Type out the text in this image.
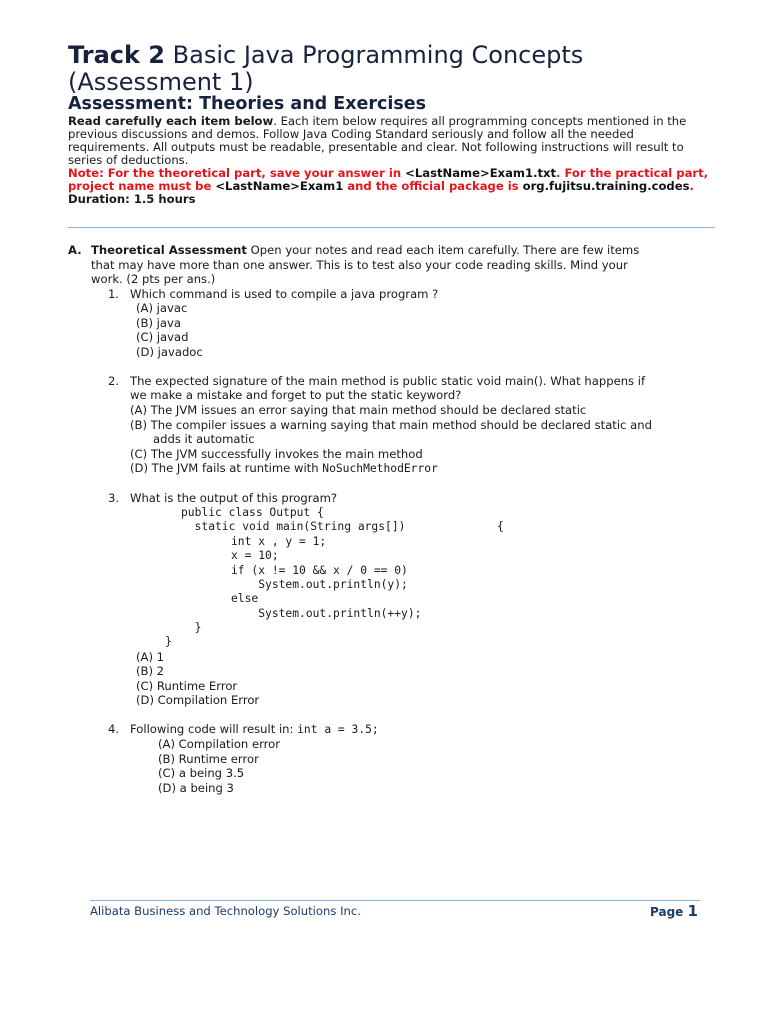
Track 2 Basic Java Programming Concepts
(Assessment 1)
Assessment: Theories and Exercises
Read carefully each item below. Each item below requires all programming concepts mentioned in the previous discussions and demos. Follow Java Coding Standard seriously and follow all the needed requirements. All outputs must be readable, presentable and clear. Not following instructions will result to series of deductions.
Note: For the theoretical part, save your answer in <LastName>Exam1.txt. For the practical part, project name must be <LastName>Exam1 and the official package is org.fujitsu.training.codes.
Duration: 1.5 hours
A. Theoretical Assessment Open your notes and read each item carefully. There are few items
that may have more than one answer. This is to test also your code reading skills. Mind your
work. (2 pts per ans.)
1. Which command is used to compile a java program ?
(A) javac
(B) java
(C) javad
(D) javadoc
2. The expected signature of the main method is public static void main(). What happens if
we make a mistake and forget to put the static keyword?
(A) The JVM issues an error saying that main method should be declared static
(B) The compiler issues a warning saying that main method should be declared static and
adds it automatic
(C) The JVM successfully invokes the main method
(D) The JVM fails at runtime with NoSuchMethodError
3. What is the output of this program?
public class Output {
static void main(String args[])	{
int x , y = 1;
x = 10;
if (x != 10 && x / 0 == 0)
System.out.println(y);
else
System.out.println(++y);
}
}
(A) 1
(B) 2
(C) Runtime Error
(D) Compilation Error
4. Following code will result in: int a = 3.5;
(A) Compilation error
(B) Runtime error
(C) a being 3.5
(D) a being 3
Alibata Business and Technology Solutions Inc.	Page 1
